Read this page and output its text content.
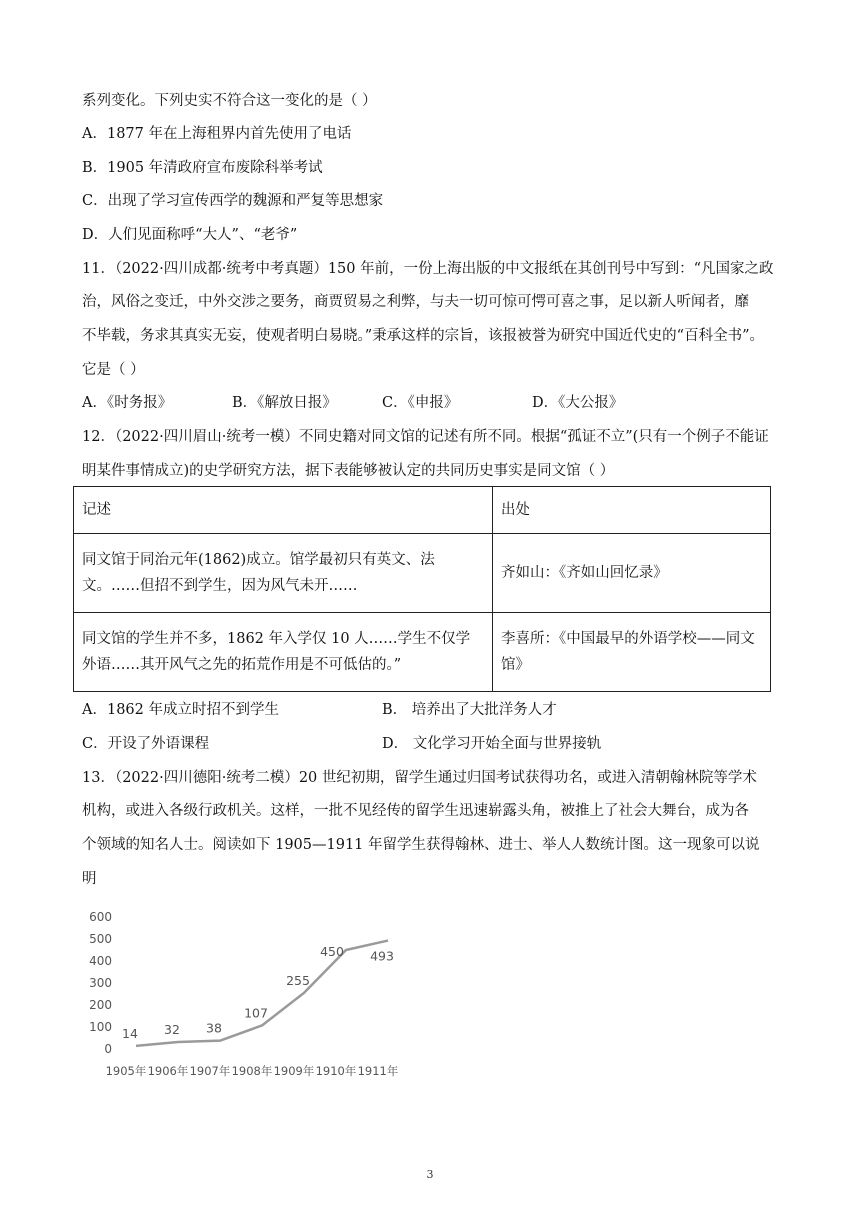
系列变化。下列史实不符合这一变化的是（ ）
A．1877 年在上海租界内首先使用了电话
B．1905 年清政府宣布废除科举考试
C．出现了学习宣传西学的魏源和严复等思想家
D．人们见面称呼“大人”、“老爷”
11．（2022·四川成都·统考中考真题）150 年前，一份上海出版的中文报纸在其创刊号中写到：“凡国家之政
治，风俗之变迁，中外交涉之要务，商贾贸易之利弊，与夫一切可惊可愕可喜之事，足以新人听闻者，靡
不毕载，务求其真实无妄，使观者明白易晓。”秉承这样的宗旨，该报被誉为研究中国近代史的“百科全书”。
它是（ ）
A．《时务报》	B．《解放日报》	C．《申报》	D．《大公报》
12．（2022·四川眉山·统考一模）不同史籍对同文馆的记述有所不同。根据“孤证不立”(只有一个例子不能证
明某件事情成立)的史学研究方法，据下表能够被认定的共同历史事实是同文馆（ ）
记述	出处
同文馆于同治元年(1862)成立。馆学最初只有英文、法文。……但招不到学生，因为风气未开……	齐如山：《齐如山回忆录》
同文馆的学生并不多，1862 年入学仅 10 人……学生不仅学外语……其开风气之先的拓荒作用是不可低估的。”	李喜所：《中国最早的外语学校——同文馆》
A．1862 年成立时招不到学生	B． 培养出了大批洋务人才
C．开设了外语课程	D． 文化学习开始全面与世界接轨
13．（2022·四川德阳·统考二模）20 世纪初期，留学生通过归国考试获得功名，或进入清朝翰林院等学术
机构，或进入各级行政机关。这样，一批不见经传的留学生迅速崭露头角，被推上了社会大舞台，成为各
个领域的知名人士。阅读如下 1905—1911 年留学生获得翰林、进士、举人人数统计图。这一现象可以说
明
0
100
200
300
400
500
600
14 32 38
107
255
450 493
1905年 1906年 1907年 1908年 1909年 1910年 1911年
3
